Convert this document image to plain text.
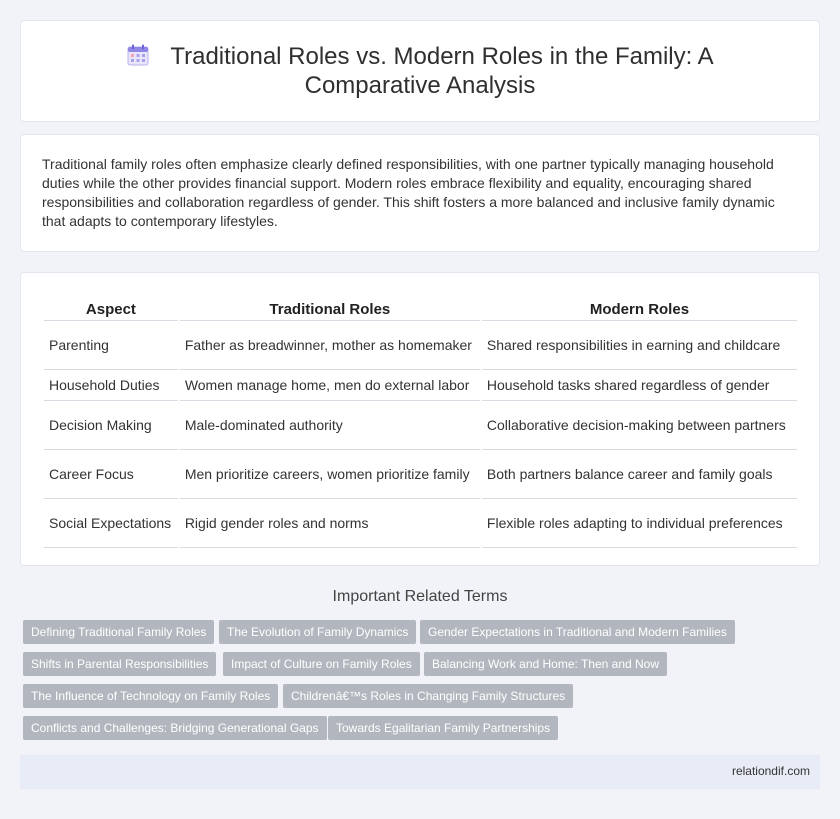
Traditional Roles vs. Modern Roles in the Family: A Comparative Analysis

Traditional family roles often emphasize clearly defined responsibilities, with one partner typically managing household duties while the other provides financial support. Modern roles embrace flexibility and equality, encouraging shared responsibilities and collaboration regardless of gender. This shift fosters a more balanced and inclusive family dynamic that adapts to contemporary lifestyles.

Aspect	Traditional Roles	Modern Roles
Parenting	Father as breadwinner, mother as homemaker	Shared responsibilities in earning and childcare
Household Duties	Women manage home, men do external labor	Household tasks shared regardless of gender
Decision Making	Male-dominated authority	Collaborative decision-making between partners
Career Focus	Men prioritize careers, women prioritize family	Both partners balance career and family goals
Social Expectations	Rigid gender roles and norms	Flexible roles adapting to individual preferences
Important Related Terms
Defining Traditional Family Roles	The Evolution of Family Dynamics	Gender Expectations in Traditional and Modern Families
Shifts in Parental Responsibilities	Impact of Culture on Family Roles	Balancing Work and Home: Then and Now
The Influence of Technology on Family Roles	Childrenâ€™s Roles in Changing Family Structures
Conflicts and Challenges: Bridging Generational Gaps	Towards Egalitarian Family Partnerships
relationdif.com
